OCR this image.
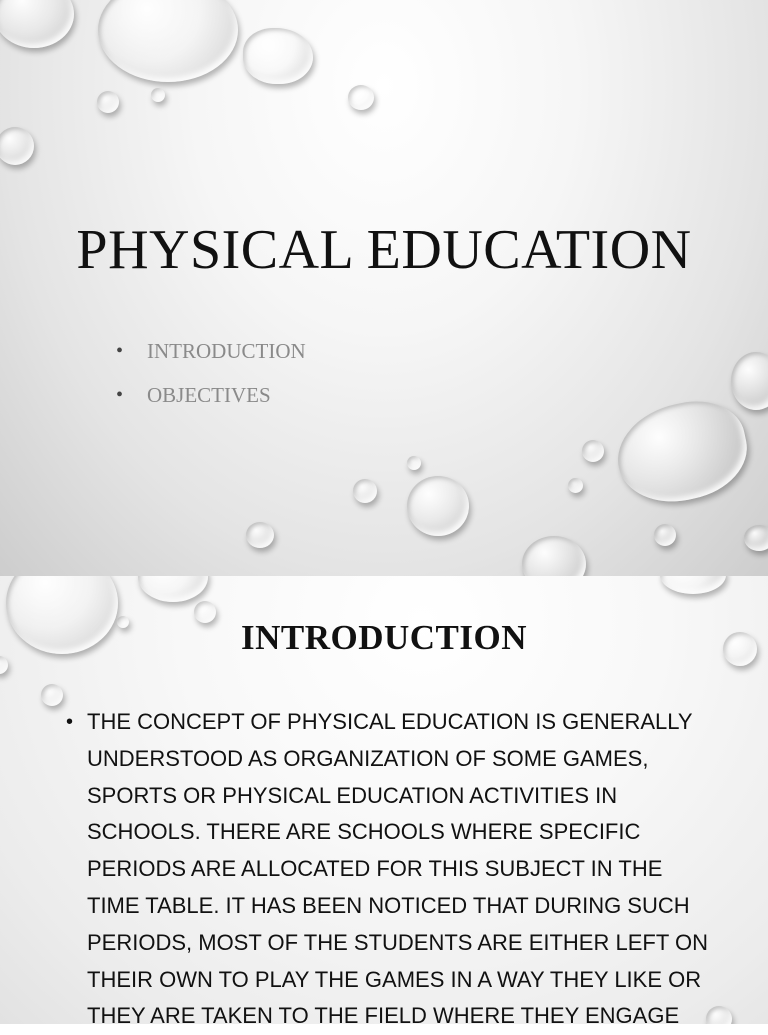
PHYSICAL EDUCATION
• INTRODUCTION
• OBJECTIVES
INTRODUCTION

• THE CONCEPT OF PHYSICAL EDUCATION IS GENERALLY UNDERSTOOD AS ORGANIZATION OF SOME GAMES, SPORTS OR PHYSICAL EDUCATION ACTIVITIES IN SCHOOLS. THERE ARE SCHOOLS WHERE SPECIFIC PERIODS ARE ALLOCATED FOR THIS SUBJECT IN THE TIME TABLE. IT HAS BEEN NOTICED THAT DURING SUCH PERIODS, MOST OF THE STUDENTS ARE EITHER LEFT ON THEIR OWN TO PLAY THE GAMES IN A WAY THEY LIKE OR THEY ARE TAKEN TO THE FIELD WHERE THEY ENGAGE
